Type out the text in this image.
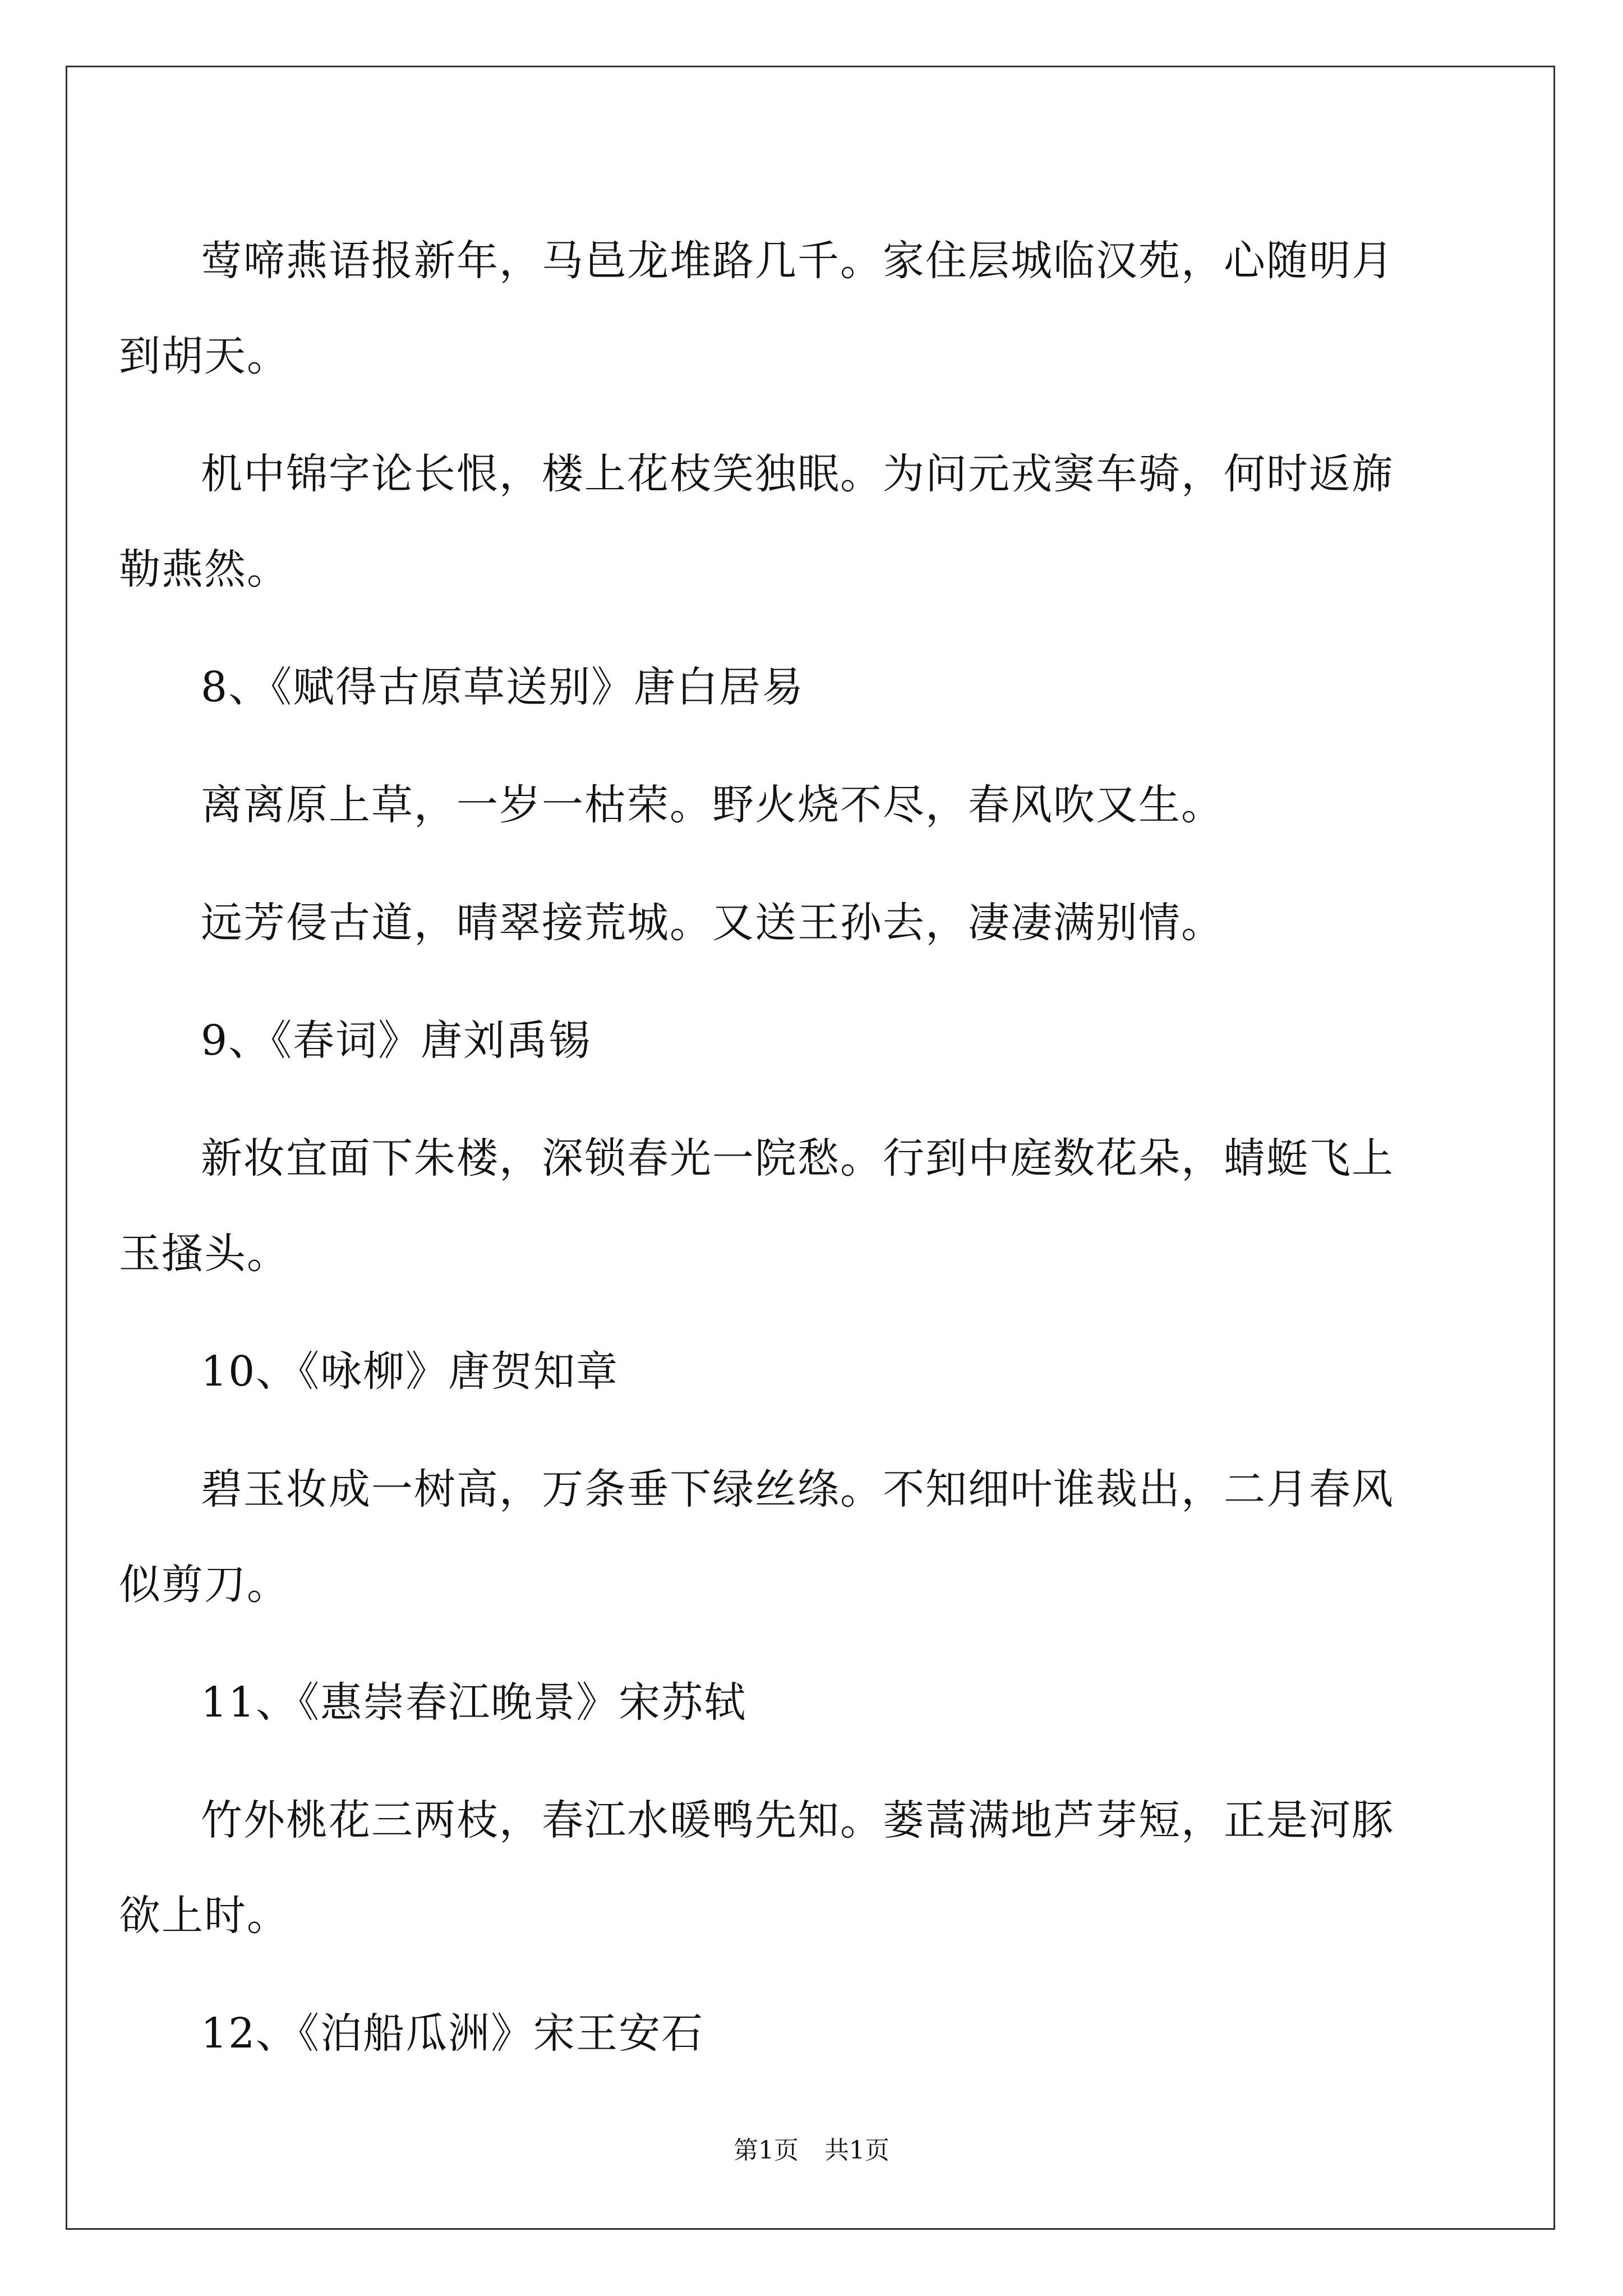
莺啼燕语报新年，马邑龙堆路几千。家住层城临汉苑，心随明月到胡天。

机中锦字论长恨，楼上花枝笑独眠。为问元戎窦车骑，何时返旆勒燕然。

8、《赋得古原草送别》唐白居易

离离原上草，一岁一枯荣。野火烧不尽，春风吹又生。

远芳侵古道，晴翠接荒城。又送王孙去，凄凄满别情。

9、《春词》唐刘禹锡

新妆宜面下朱楼，深锁春光一院愁。行到中庭数花朵，蜻蜓飞上玉搔头。

10、《咏柳》唐贺知章

碧玉妆成一树高，万条垂下绿丝绦。不知细叶谁裁出，二月春风似剪刀。

11、《惠崇春江晚景》宋苏轼

竹外桃花三两枝，春江水暖鸭先知。蒌蒿满地芦芽短，正是河豚欲上时。

12、《泊船瓜洲》宋王安石

第1页 共1页
